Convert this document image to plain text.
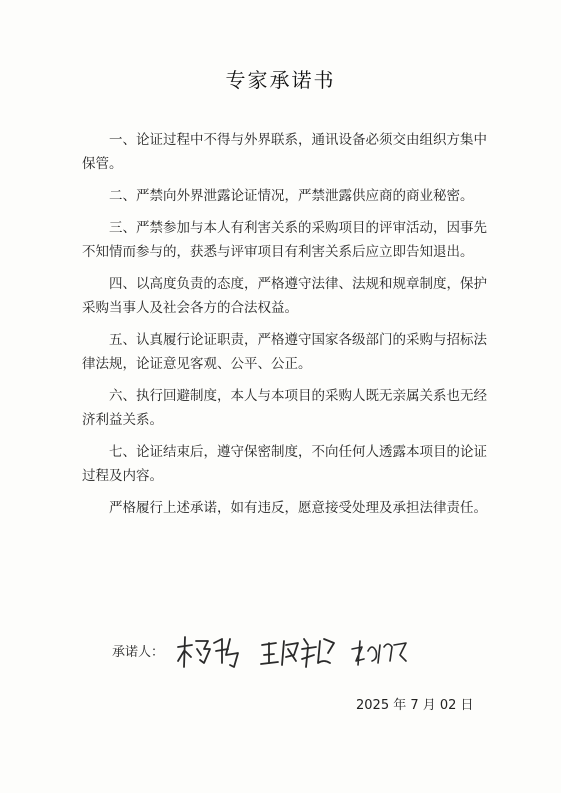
专家承诺书

一、论证过程中不得与外界联系，通讯设备必须交由组织方集中保管。

二、严禁向外界泄露论证情况，严禁泄露供应商的商业秘密。

三、严禁参加与本人有利害关系的采购项目的评审活动，因事先不知情而参与的，获悉与评审项目有利害关系后应立即告知退出。

四、以高度负责的态度，严格遵守法律、法规和规章制度，保护采购当事人及社会各方的合法权益。

五、认真履行论证职责，严格遵守国家各级部门的采购与招标法律法规，论证意见客观、公平、公正。

六、执行回避制度，本人与本项目的采购人既无亲属关系也无经济利益关系。

七、论证结束后，遵守保密制度，不向任何人透露本项目的论证过程及内容。

严格履行上述承诺，如有违反，愿意接受处理及承担法律责任。

承诺人：
2025 年 7 月 02 日
